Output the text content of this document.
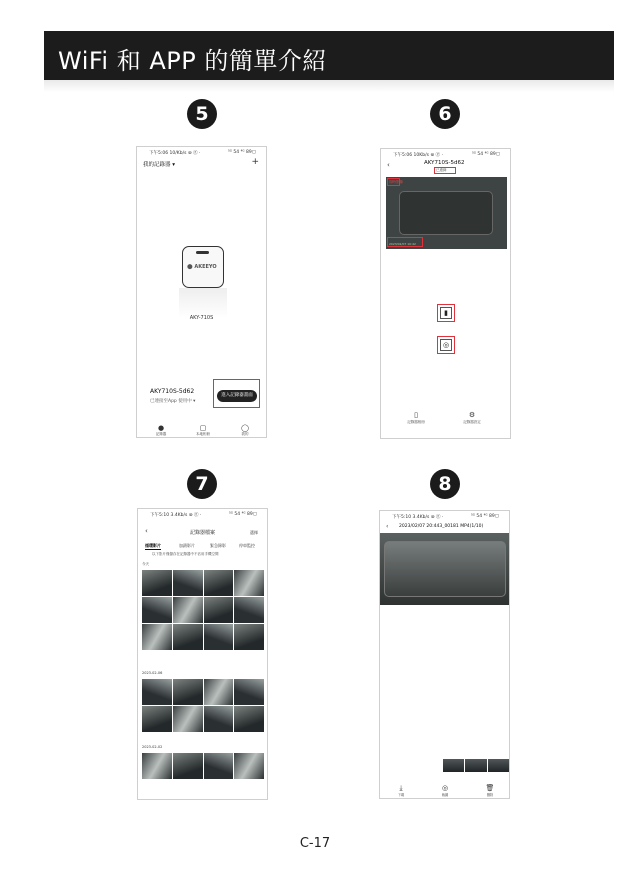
WiFi 和 APP 的簡單介紹
5	6
7	8
下午5:06 10/Kb/s ⊚ ⓖ ·	⁵ᴳ 54 ⁴ᴳ 89▢
我的記錄器 ▾	+
⬤ AKEEYO
AKY-710S
AKY710S-5d62
已連接至App 使用中 ▾
進入記錄器畫面
●
記錄器
▢
本地相冊
◯
我的
下午5:06 10Kb/s ⊚ ⓖ ·	⁵ᴳ 54 ⁴ᴳ 89▢
‹	AKY710S-5d62
已連線
即時影像
2023/02/07 10:42
▮
◎
▯
記錄器相冊
⚙
記錄器設定
下午5:10 3.4Kb/s ⊚ ⓖ ·	⁵ᴳ 54 ⁴ᴳ 89▢
‹	記錄器檔案	選擇
循環影片	加鎖影片	緊急錄影	停車監控
以下影片僅儲存在記錄器中不佔用手機空間
今天
2023-02-06
2023-02-02
下午5:10 3.4Kb/s ⊚ ⓖ ·	⁵ᴳ 54 ⁴ᴳ 89▢
‹ 2023/02/07 20:443_00181 MP4(1/10)
⤓
下載
◎
截圖
🗑
刪除
C-17
